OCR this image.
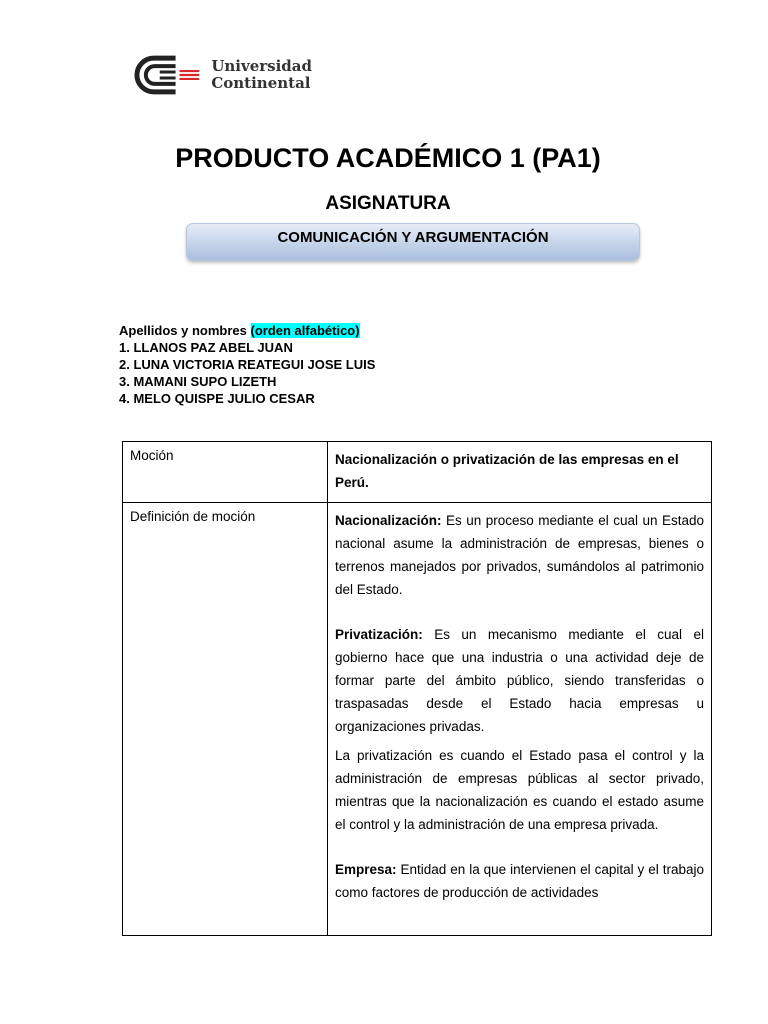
Universidad
Continental
PRODUCTO ACADÉMICO 1 (PA1)
ASIGNATURA
COMUNICACIÓN Y ARGUMENTACIÓN
Apellidos y nombres (orden alfabético)
1. LLANOS PAZ ABEL JUAN
2. LUNA VICTORIA REATEGUI JOSE LUIS
3. MAMANI SUPO LIZETH
4. MELO QUISPE JULIO CESAR
Moción	Nacionalización o privatización de las empresas en el Perú.

Definición de moción	Nacionalización: Es un proceso mediante el cual un Estado nacional asume la administración de empresas, bienes o terrenos manejados por privados, sumándolos al patrimonio del Estado.

Privatización: Es un mecanismo mediante el cual el gobierno hace que una industria o una actividad deje de formar parte del ámbito público, siendo transferidas o traspasadas desde el Estado hacia empresas u organizaciones privadas.

La privatización es cuando el Estado pasa el control y la administración de empresas públicas al sector privado, mientras que la nacionalización es cuando el estado asume el control y la administración de una empresa privada.

Empresa: Entidad en la que intervienen el capital y el trabajo como factores de producción de actividades
